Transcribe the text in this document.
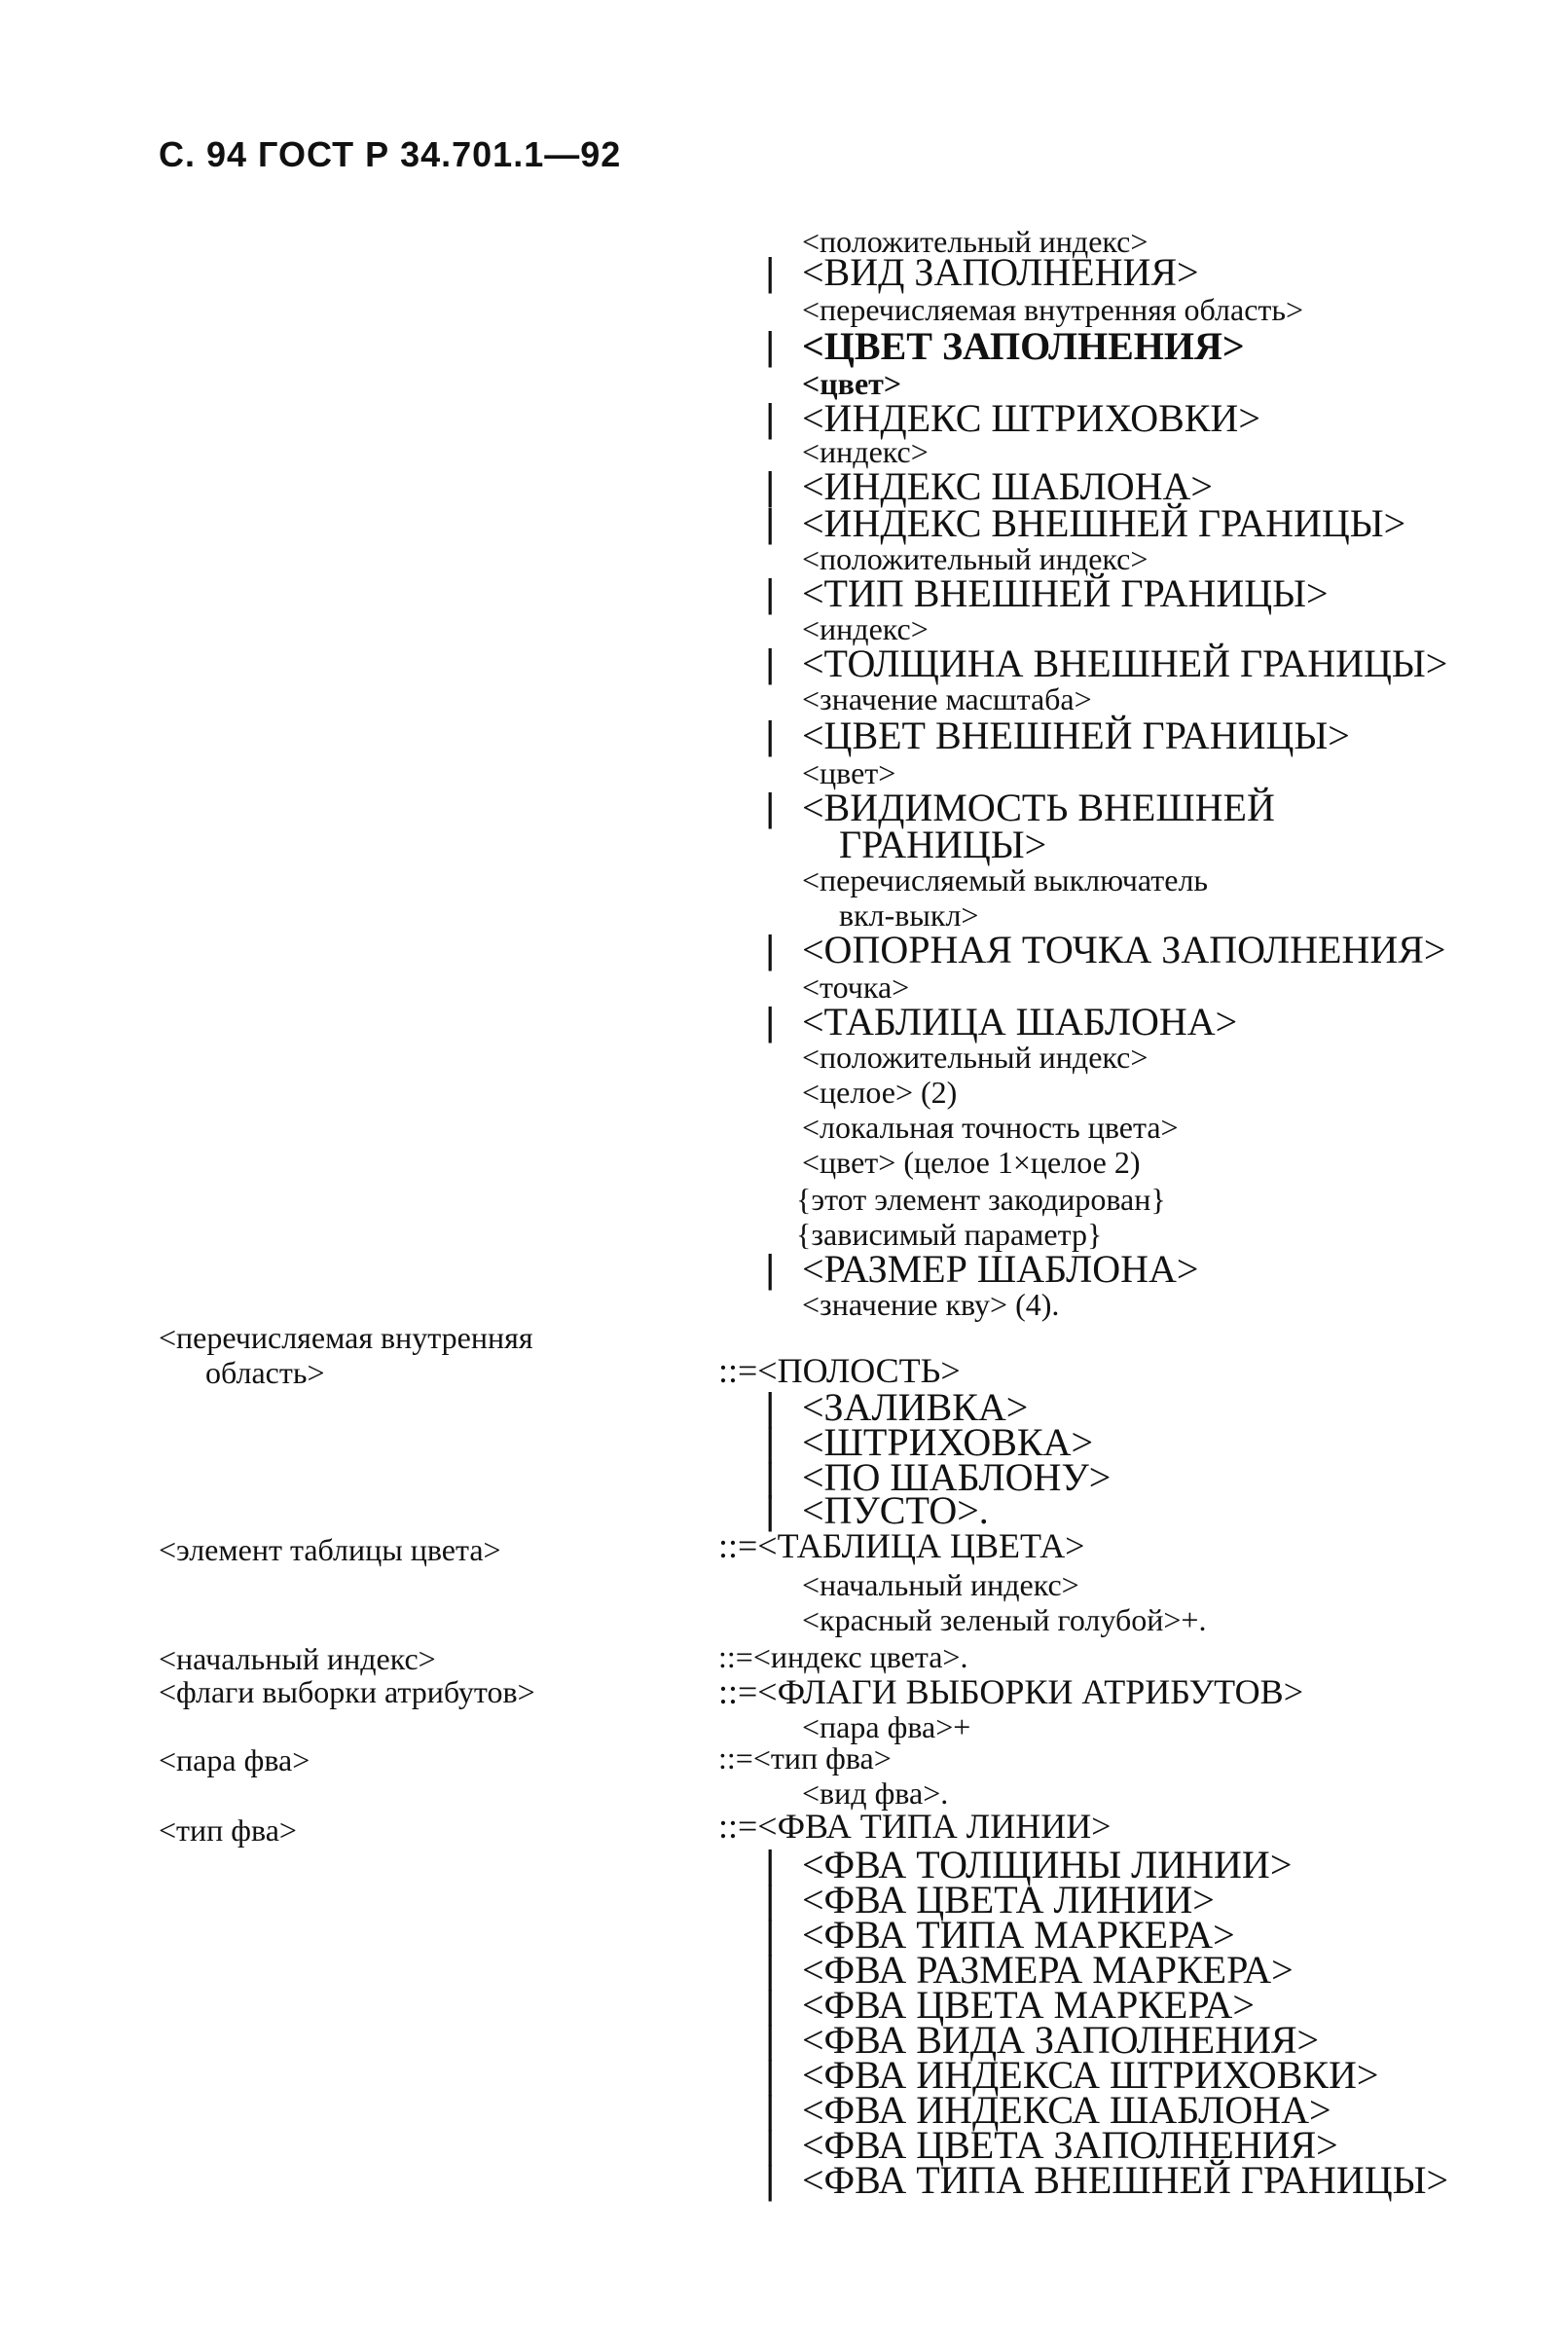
С. 94 ГОСТ Р 34.701.1—92
<положительный индекс>
| <ВИД ЗАПОЛНЕНИЯ>
<перечисляемая внутренняя область>
| <ЦВЕТ ЗАПОЛНЕНИЯ>
<цвет>
| <ИНДЕКС ШТРИХОВКИ>
<индекс>
| <ИНДЕКС ШАБЛОНА>
| <ИНДЕКС ВНЕШНЕЙ ГРАНИЦЫ>
<положительный индекс>
| <ТИП ВНЕШНЕЙ ГРАНИЦЫ>
<индекс>
| <ТОЛЩИНА ВНЕШНЕЙ ГРАНИЦЫ>
<значение масштаба>
| <ЦВЕТ ВНЕШНЕЙ ГРАНИЦЫ>
<цвет>
| <ВИДИМОСТЬ ВНЕШНЕЙ
ГРАНИЦЫ>
<перечисляемый выключатель
вкл-выкл>
| <ОПОРНАЯ ТОЧКА ЗАПОЛНЕНИЯ>
<точка>
| <ТАБЛИЦА ШАБЛОНА>
<положительный индекс>
<целое> (2)
<локальная точность цвета>
<цвет> (целое 1×целое 2)
{этот элемент закодирован}
{зависимый параметр}
| <РАЗМЕР ШАБЛОНА>
<значение кву> (4).
<перечисляемая внутренняя
область>	::=<ПОЛОСТЬ>
| <ЗАЛИВКА>
| <ШТРИХОВКА>
| <ПО ШАБЛОНУ>
| <ПУСТО>.
<элемент таблицы цвета>	::=<ТАБЛИЦА ЦВЕТА>
<начальный индекс>
<красный зеленый голубой>+.
<начальный индекс>	::=<индекс цвета>.
<флаги выборки атрибутов>	::=<ФЛАГИ ВЫБОРКИ АТРИБУТОВ>
<пара фва>+
<пара фва>	::=<тип фва>
<вид фва>.
<тип фва>	::=<ФВА ТИПА ЛИНИИ>
| <ФВА ТОЛЩИНЫ ЛИНИИ>
| <ФВА ЦВЕТА ЛИНИИ>
| <ФВА ТИПА МАРКЕРА>
| <ФВА РАЗМЕРА МАРКЕРА>
| <ФВА ЦВЕТА МАРКЕРА>
| <ФВА ВИДА ЗАПОЛНЕНИЯ>
| <ФВА ИНДЕКСА ШТРИХОВКИ>
| <ФВА ИНДЕКСА ШАБЛОНА>
| <ФВА ЦВЕТА ЗАПОЛНЕНИЯ>
| <ФВА ТИПА ВНЕШНЕЙ ГРАНИЦЫ>
